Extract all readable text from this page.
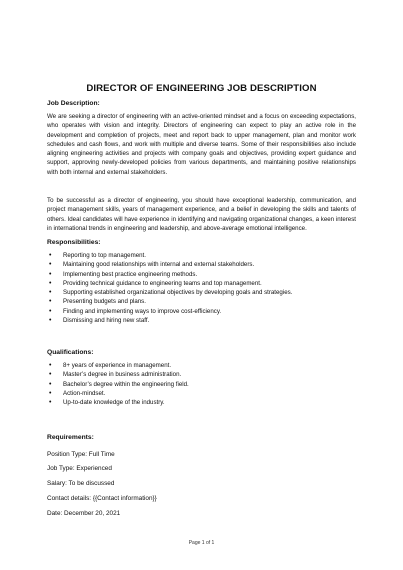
DIRECTOR OF ENGINEERING JOB DESCRIPTION
Job Description:

We are seeking a director of engineering with an active-oriented mindset and a focus on exceeding expectations, who operates with vision and integrity. Directors of engineering can expect to play an active role in the development and completion of projects, meet and report back to upper management, plan and monitor work schedules and cash flows, and work with multiple and diverse teams. Some of their responsibilities also include aligning engineering activities and projects with company goals and objectives, providing expert guidance and support, approving newly-developed policies from various departments, and maintaining positive relationships with both internal and external stakeholders.

To be successful as a director of engineering, you should have exceptional leadership, communication, and project management skills, years of management experience, and a belief in developing the skills and talents of others. Ideal candidates will have experience in identifying and navigating organizational changes, a keen interest in international trends in engineering and leadership, and above-average emotional intelligence.

Responsibilities:
• Reporting to top management.
• Maintaining good relationships with internal and external stakeholders.
• Implementing best practice engineering methods.
• Providing technical guidance to engineering teams and top management.
• Supporting established organizational objectives by developing goals and strategies.
• Presenting budgets and plans.
• Finding and implementing ways to improve cost-efficiency.
• Dismissing and hiring new staff.
Qualifications:
• 8+ years of experience in management.
• Master’s degree in business administration.
• Bachelor’s degree within the engineering field.
• Action-mindset.
• Up-to-date knowledge of the industry.
Requirements:
Position Type: Full Time
Job Type: Experienced
Salary: To be discussed
Contact details: {{Contact information}}
Date: December 20, 2021
Page 1 of 1
